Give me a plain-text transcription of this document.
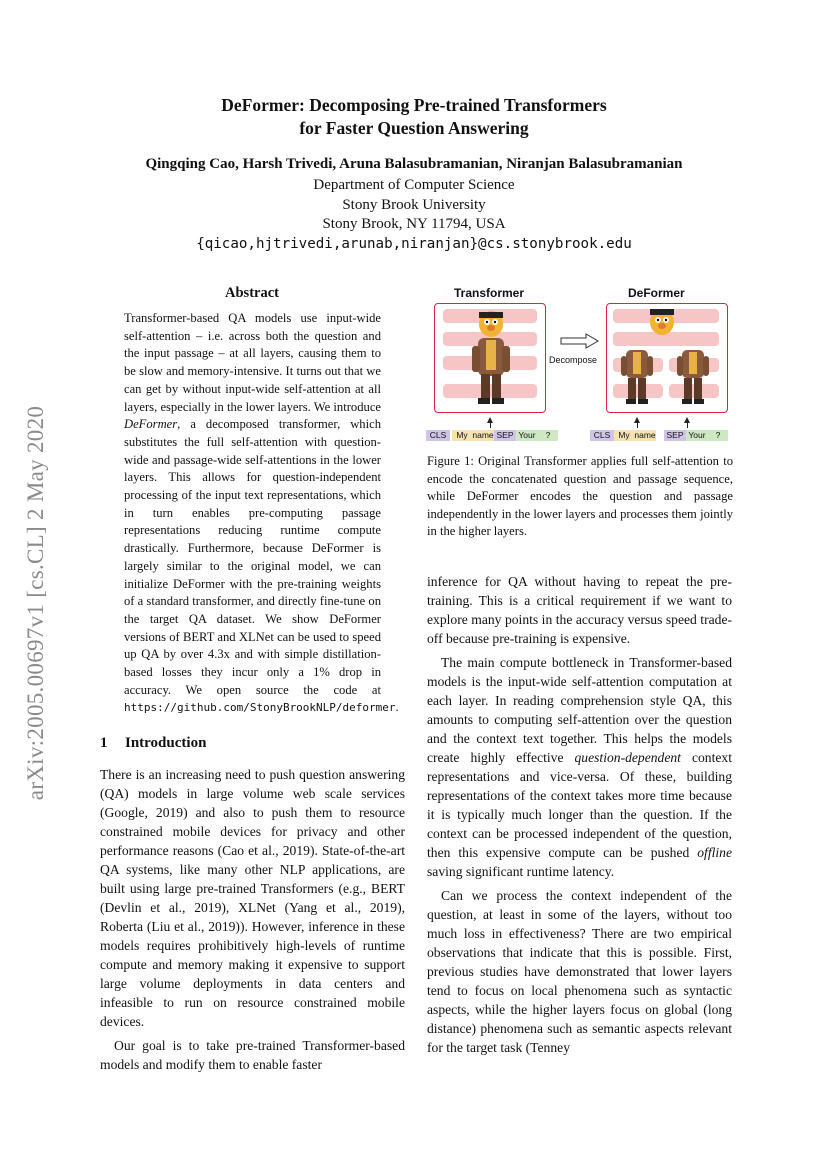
DeFormer: Decomposing Pre-trained Transformers
for Faster Question Answering
Qingqing Cao, Harsh Trivedi, Aruna Balasubramanian, Niranjan Balasubramanian
Department of Computer Science
Stony Brook University
Stony Brook, NY 11794, USA
{qicao,hjtrivedi,arunab,niranjan}@cs.stonybrook.edu
arXiv:2005.00697v1 [cs.CL] 2 May 2020
Abstract
Transformer-based QA models use input-wide self-attention – i.e. across both the question and the input passage – at all layers, causing them to be slow and memory-intensive. It turns out that we can get by without input-wide self-attention at all layers, especially in the lower layers. We introduce DeFormer, a decomposed transformer, which substitutes the full self-attention with question-wide and passage-wide self-attentions in the lower layers. This allows for question-independent processing of the input text representations, which in turn enables pre-computing passage representations reducing runtime compute drastically. Furthermore, because DeFormer is largely similar to the original model, we can initialize DeFormer with the pre-training weights of a standard transformer, and directly fine-tune on the target QA dataset. We show DeFormer versions of BERT and XLNet can be used to speed up QA by over 4.3x and with simple distillation-based losses they incur only a 1% drop in accuracy. We open source the code at https://github.com/StonyBrookNLP/deformer.
1 Introduction

There is an increasing need to push question answering (QA) models in large volume web scale services (Google, 2019) and also to push them to resource constrained mobile devices for privacy and other performance reasons (Cao et al., 2019). State-of-the-art QA systems, like many other NLP applications, are built using large pre-trained Transformers (e.g., BERT (Devlin et al., 2019), XLNet (Yang et al., 2019), Roberta (Liu et al., 2019)). However, inference in these models requires prohibitively high-levels of runtime compute and memory making it expensive to support large volume deployments in data centers and infeasible to run on resource constrained mobile devices.

Our goal is to take pre-trained Transformer-based models and modify them to enable faster

Transformer	DeFormer
Decompose
CLS	My name SEP Your	?	CLS My name SEP Your	?
Figure 1: Original Transformer applies full self-attention to encode the concatenated question and passage sequence, while DeFormer encodes the question and passage independently in the lower layers and processes them jointly in the higher layers.

inference for QA without having to repeat the pre-training. This is a critical requirement if we want to explore many points in the accuracy versus speed trade-off because pre-training is expensive.

The main compute bottleneck in Transformer-based models is the input-wide self-attention computation at each layer. In reading comprehension style QA, this amounts to computing self-attention over the question and the context text together. This helps the models create highly effective question-dependent context representations and vice-versa. Of these, building representations of the context takes more time because it is typically much longer than the question. If the context can be processed independent of the question, then this expensive compute can be pushed offline saving significant runtime latency.

Can we process the context independent of the question, at least in some of the layers, without too much loss in effectiveness? There are two empirical observations that indicate that this is possible. First, previous studies have demonstrated that lower layers tend to focus on local phenomena such as syntactic aspects, while the higher layers focus on global (long distance) phenomena such as semantic aspects relevant for the target task (Tenney
